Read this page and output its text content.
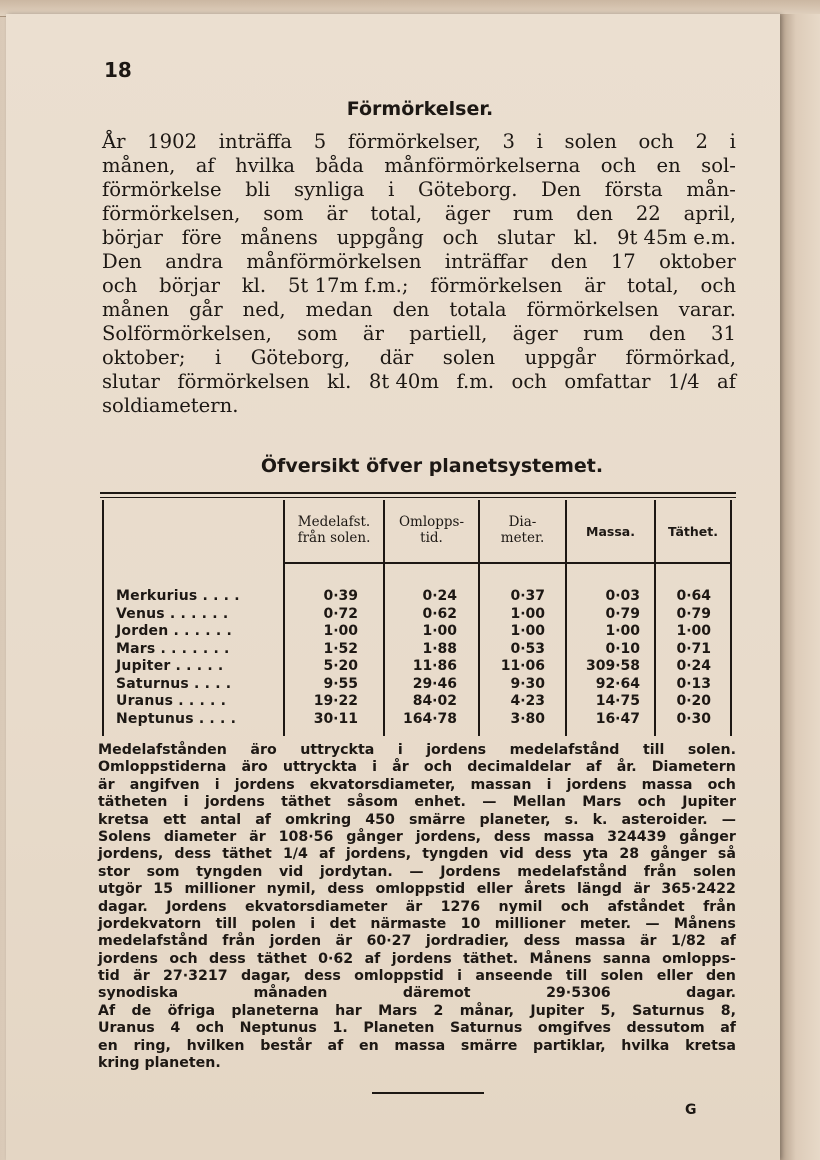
18
Förmörkelser.
År 1902 inträffa 5 förmörkelser, 3 i solen och 2 i
månen, af hvilka båda månförmörkelserna och en sol-
förmörkelse bli synliga i Göteborg. Den första mån-
förmörkelsen, som är total, äger rum den 22 april,
börjar före månens uppgång och slutar kl. 9t 45m e.m.
Den andra månförmörkelsen inträffar den 17 oktober
och börjar kl. 5t 17m f.m.; förmörkelsen är total, och
månen går ned, medan den totala förmörkelsen varar.
Solförmörkelsen, som är partiell, äger rum den 31
oktober; i Göteborg, där solen uppgår förmörkad,
slutar förmörkelsen kl. 8t 40m f.m. och omfattar 1/4 af
soldiametern.
Öfversikt öfver planetsystemet.
Medelafst.
från solen.
Omlopps-
tid.
Dia-
meter.	Massa.	Täthet.
Merkurius . . . .	0·39	0·24	0·37	0·03	0·64
Venus . . . . . .	0·72	0·62	1·00	0·79	0·79
Jorden . . . . . .	1·00	1·00	1·00	1·00	1·00
Mars . . . . . . .	1·52	1·88	0·53	0·10	0·71
Jupiter . . . . .	5·20	11·86	11·06	309·58	0·24
Saturnus . . . .	9·55	29·46	9·30	92·64	0·13
Uranus . . . . .	19·22	84·02	4·23	14·75	0·20
Neptunus . . . .	30·11	164·78	3·80	16·47	0·30
Medelafstånden äro uttryckta i jordens medelafstånd till solen.
Omloppstiderna äro uttryckta i år och decimaldelar af år. Diametern
är angifven i jordens ekvatorsdiameter, massan i jordens massa och
tätheten i jordens täthet såsom enhet. — Mellan Mars och Jupiter
kretsa ett antal af omkring 450 smärre planeter, s. k. asteroider. —
Solens diameter är 108·56 gånger jordens, dess massa 324439 gånger
jordens, dess täthet 1/4 af jordens, tyngden vid dess yta 28 gånger så
stor som tyngden vid jordytan. — Jordens medelafstånd från solen
utgör 15 millioner nymil, dess omloppstid eller årets längd är 365·2422
dagar. Jordens ekvatorsdiameter är 1276 nymil och afståndet från
jordekvatorn till polen i det närmaste 10 millioner meter. — Månens
medelafstånd från jorden är 60·27 jordradier, dess massa är 1/82 af
jordens och dess täthet 0·62 af jordens täthet. Månens sanna omlopps-
tid är 27·3217 dagar, dess omloppstid i anseende till solen eller den
synodiska	månaden	däremot	29·5306	dagar.
Af de öfriga planeterna har Mars 2 månar, Jupiter 5, Saturnus 8,
Uranus 4 och Neptunus 1. Planeten Saturnus omgifves dessutom af
en ring, hvilken består af en massa smärre partiklar, hvilka kretsa
kring planeten.
G
